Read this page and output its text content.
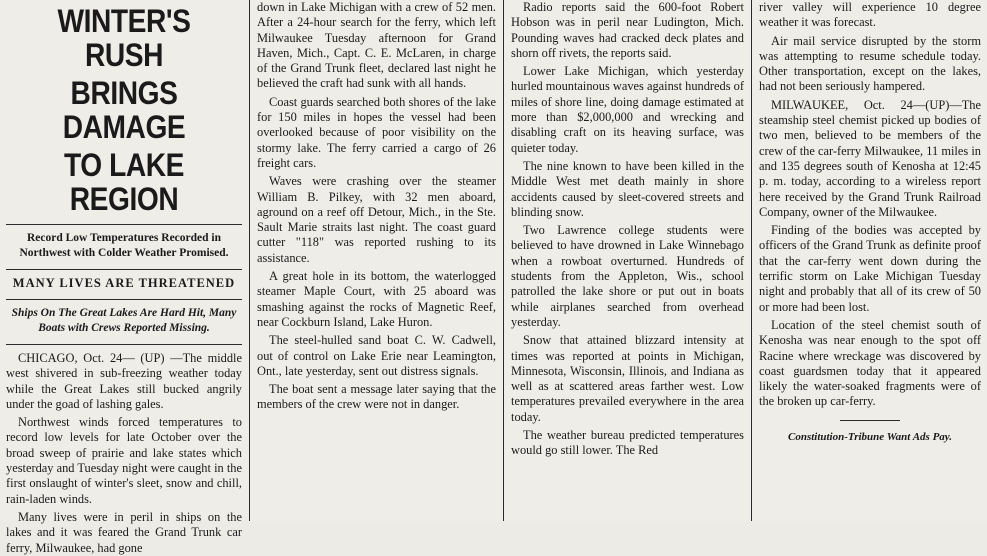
WINTER'S RUSH
BRINGS DAMAGE
TO LAKE REGION
Record Low Temperatures Recorded in Northwest with Colder Weather Promised.
MANY LIVES ARE THREATENED
Ships On The Great Lakes Are Hard Hit, Many Boats with Crews Reported Missing.

CHICAGO, Oct. 24— (UP) —The middle west shivered in sub-freezing weather today while the Great Lakes still bucked angrily under the goad of lashing gales.

Northwest winds forced temperatures to record low levels for late October over the broad sweep of prairie and lake states which yesterday and Tuesday night were caught in the first onslaught of winter's sleet, snow and chill, rain-laden winds.

Many lives were in peril in ships on the lakes and it was feared the Grand Trunk car ferry, Milwaukee, had gone

down in Lake Michigan with a crew of 52 men. After a 24-hour search for the ferry, which left Milwaukee Tuesday afternoon for Grand Haven, Mich., Capt. C. E. McLaren, in charge of the Grand Trunk fleet, declared last night he believed the craft had sunk with all hands.

Coast guards searched both shores of the lake for 150 miles in hopes the vessel had been overlooked because of poor visibility on the stormy lake. The ferry carried a cargo of 26 freight cars.

Waves were crashing over the steamer William B. Pilkey, with 32 men aboard, aground on a reef off Detour, Mich., in the Ste. Sault Marie straits last night. The coast guard cutter "118" was reported rushing to its assistance.

A great hole in its bottom, the waterlogged steamer Maple Court, with 25 aboard was smashing against the rocks of Magnetic Reef, near Cockburn Island, Lake Huron.

The steel-hulled sand boat C. W. Cadwell, out of control on Lake Erie near Leamington, Ont., late yesterday, sent out distress signals.

The boat sent a message later saying that the members of the crew were not in danger.

Radio reports said the 600-foot Robert Hobson was in peril near Ludington, Mich. Pounding waves had cracked deck plates and shorn off rivets, the reports said.

Lower Lake Michigan, which yesterday hurled mountainous waves against hundreds of miles of shore line, doing damage estimated at more than $2,000,000 and wrecking and disabling craft on its heaving surface, was quieter today.

The nine known to have been killed in the Middle West met death mainly in shore accidents caused by sleet-covered streets and blinding snow.

Two Lawrence college students were believed to have drowned in Lake Winnebago when a rowboat overturned. Hundreds of students from the Appleton, Wis., school patrolled the lake shore or put out in boats while airplanes searched from overhead yesterday.

Snow that attained blizzard intensity at times was reported at points in Michigan, Minnesota, Wisconsin, Illinois, and Indiana as well as at scattered areas farther west. Low temperatures prevailed everywhere in the area today.

The weather bureau predicted temperatures would go still lower. The Red

river valley will experience 10 degree weather it was forecast.

Air mail service disrupted by the storm was attempting to resume schedule today. Other transportation, except on the lakes, had not been seriously hampered.

MILWAUKEE, Oct. 24—(UP)—The steamship steel chemist picked up bodies of two men, believed to be members of the crew of the car-ferry Milwaukee, 11 miles in and 135 degrees south of Kenosha at 12:45 p. m. today, according to a wireless report here received by the Grand Trunk Railroad Company, owner of the Milwaukee.

Finding of the bodies was accepted by officers of the Grand Trunk as definite proof that the car-ferry went down during the terrific storm on Lake Michigan Tuesday night and probably that all of its crew of 50 or more had been lost.

Location of the steel chemist south of Kenosha was near enough to the spot off Racine where wreckage was discovered by coast guardsmen today that it appeared likely the water-soaked fragments were of the broken up car-ferry.

Constitution-Tribune Want Ads Pay.
